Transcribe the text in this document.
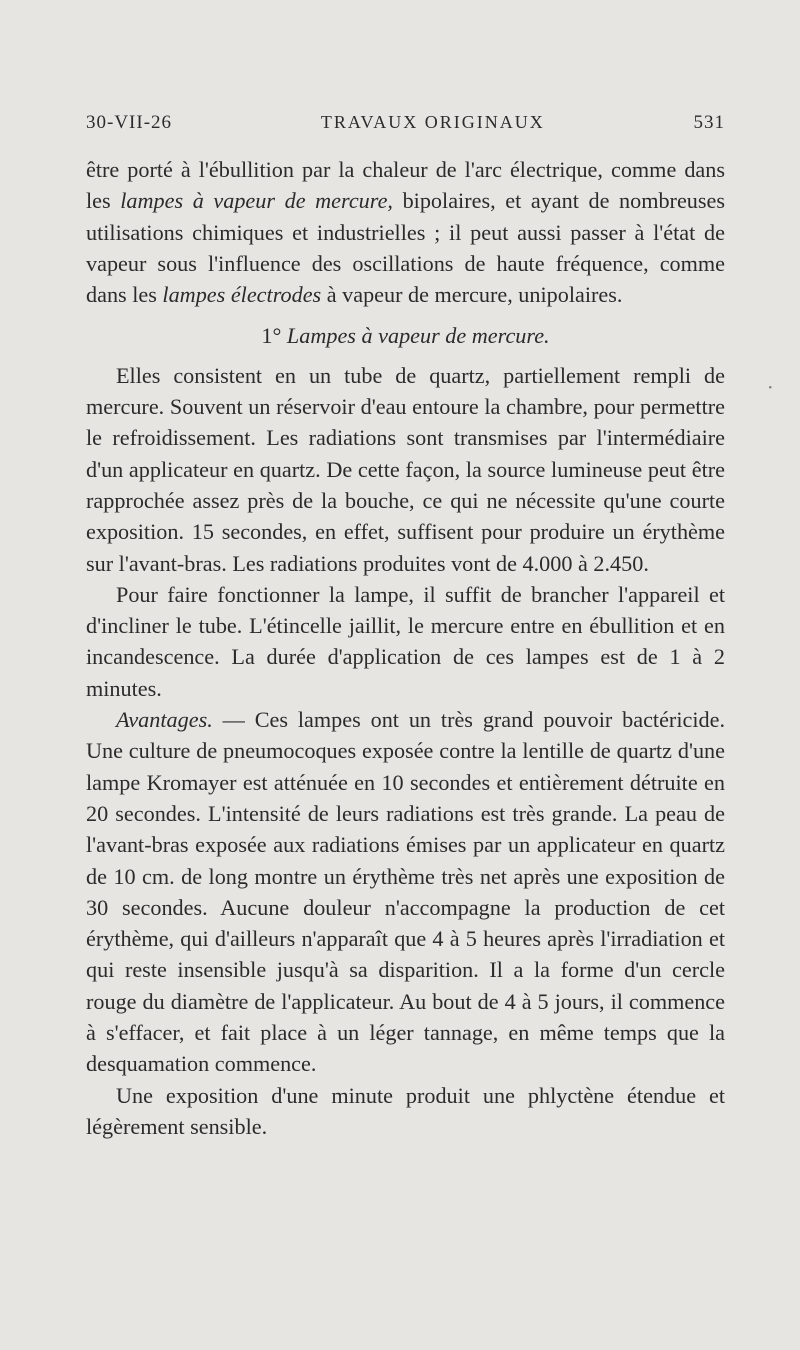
30-VII-26	TRAVAUX ORIGINAUX	531

être porté à l'ébullition par la chaleur de l'arc électrique, comme dans les lampes à vapeur de mercure, bipolaires, et ayant de nombreuses utilisations chimiques et industrielles ; il peut aussi passer à l'état de vapeur sous l'influence des oscillations de haute fréquence, comme dans les lampes électrodes à vapeur de mercure, unipolaires.

1° Lampes à vapeur de mercure.

Elles consistent en un tube de quartz, partiellement rempli de mercure. Souvent un réservoir d'eau entoure la chambre, pour permettre le refroidissement. Les radiations sont transmises par l'intermédiaire d'un applicateur en quartz. De cette façon, la source lumineuse peut être rapprochée assez près de la bouche, ce qui ne nécessite qu'une courte exposition. 15 secondes, en effet, suffisent pour produire un érythème sur l'avant-bras. Les radiations produites vont de 4.000 à 2.450.

Pour faire fonctionner la lampe, il suffit de brancher l'appareil et d'incliner le tube. L'étincelle jaillit, le mercure entre en ébullition et en incandescence. La durée d'application de ces lampes est de 1 à 2 minutes.

Avantages. — Ces lampes ont un très grand pouvoir bactéricide. Une culture de pneumocoques exposée contre la lentille de quartz d'une lampe Kromayer est atténuée en 10 secondes et entièrement détruite en 20 secondes. L'intensité de leurs radiations est très grande. La peau de l'avant-bras exposée aux radiations émises par un applicateur en quartz de 10 cm. de long montre un érythème très net après une exposition de 30 secondes. Aucune douleur n'accompagne la production de cet érythème, qui d'ailleurs n'apparaît que 4 à 5 heures après l'irradiation et qui reste insensible jusqu'à sa disparition. Il a la forme d'un cercle rouge du diamètre de l'applicateur. Au bout de 4 à 5 jours, il commence à s'effacer, et fait place à un léger tannage, en même temps que la desquamation commence.

Une exposition d'une minute produit une phlyctène étendue et légèrement sensible.

•
